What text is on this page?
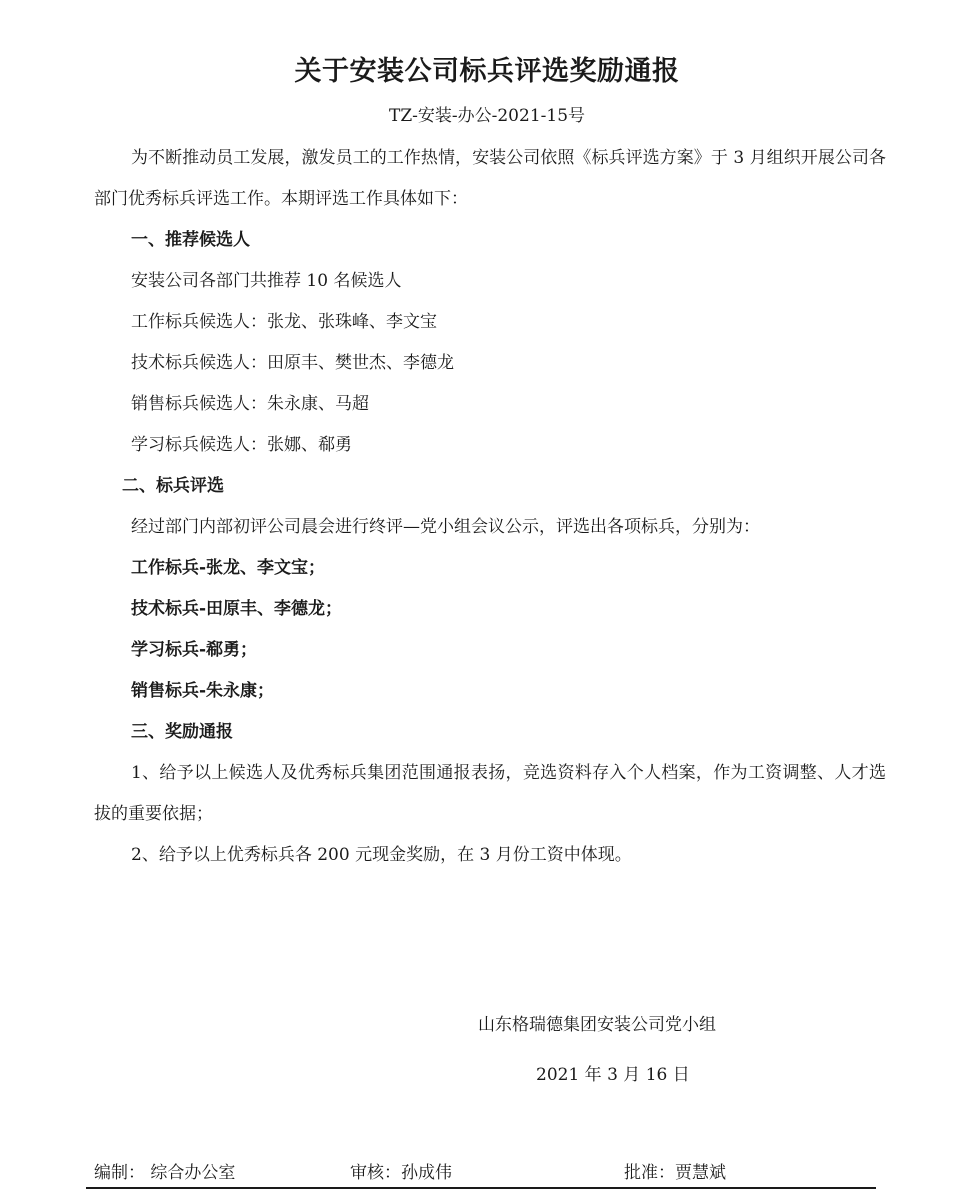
关于安装公司标兵评选奖励通报
TZ-安装-办公-2021-15号

为不断推动员工发展，激发员工的工作热情，安装公司依照《标兵评选方案》于 3 月组织开展公司各部门优秀标兵评选工作。本期评选工作具体如下：

一、推荐候选人

安装公司各部门共推荐 10 名候选人

工作标兵候选人：张龙、张珠峰、李文宝

技术标兵候选人：田原丰、樊世杰、李德龙

销售标兵候选人：朱永康、马超

学习标兵候选人：张娜、郗勇

二、标兵评选

经过部门内部初评公司晨会进行终评—党小组会议公示，评选出各项标兵，分别为：

工作标兵-张龙、李文宝；

技术标兵-田原丰、李德龙；

学习标兵-郗勇；

销售标兵-朱永康；

三、奖励通报

1、给予以上候选人及优秀标兵集团范围通报表扬，竞选资料存入个人档案，作为工资调整、人才选拔的重要依据；

2、给予以上优秀标兵各 200 元现金奖励，在 3 月份工资中体现。

山东格瑞德集团安装公司党小组
2021 年 3 月 16 日
编制： 综合办公室	审核：孙成伟	批准：贾慧斌
